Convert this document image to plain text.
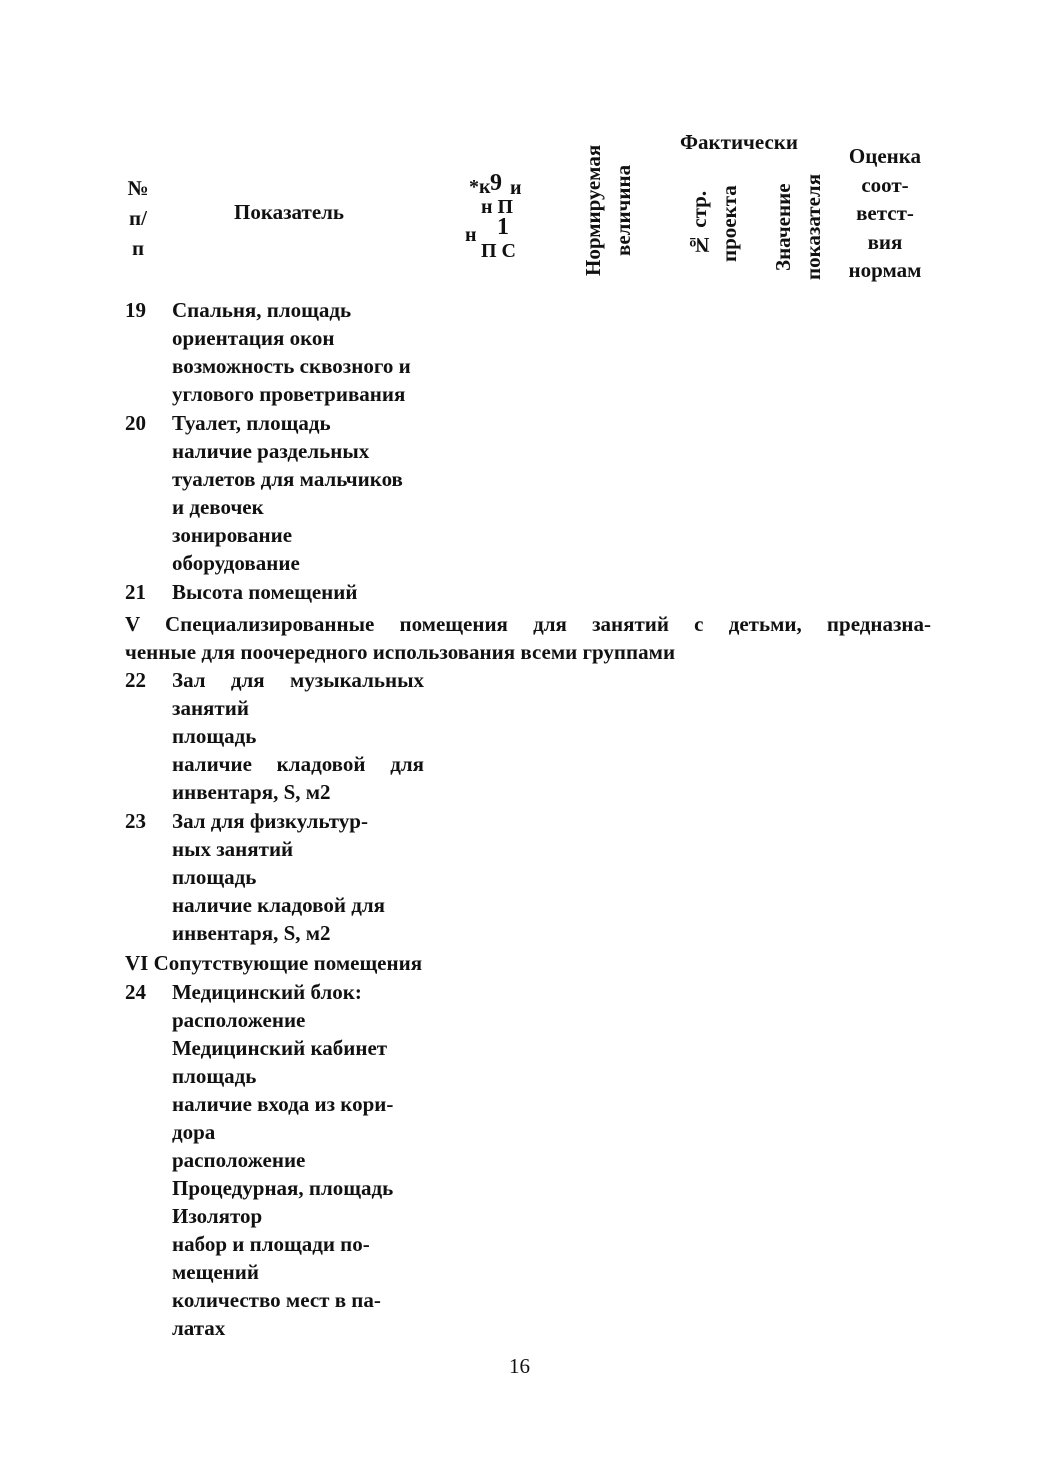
№
п/
п
Показатель
*к 9 и
н П
н 1
П С	Нормируемая величина
Фактически
№ стр. проекта Значение показателя
Оценка
соот-
ветст-
вия
нормам
19 Спальня, площадь
ориентация окон
возможность сквозного и
углового проветривания
20 Туалет, площадь
наличие раздельных
туалетов для мальчиков
и девочек
зонирование
оборудование
21 Высота помещений
V Специализированные помещения для занятий с детьми, предназна-
ченные для поочередного использования всеми группами
22 Зал для музыкальных
занятий
площадь
наличие кладовой для
инвентаря, S, м2
23 Зал для физкультур-
ных занятий
площадь
наличие кладовой для
инвентаря, S, м2
VI Сопутствующие помещения
24 Медицинский блок:
расположение
Медицинский кабинет
площадь
наличие входа из кори-
дора
расположение
Процедурная, площадь
Изолятор
набор и площади по-
мещений
количество мест в па-
латах
16
